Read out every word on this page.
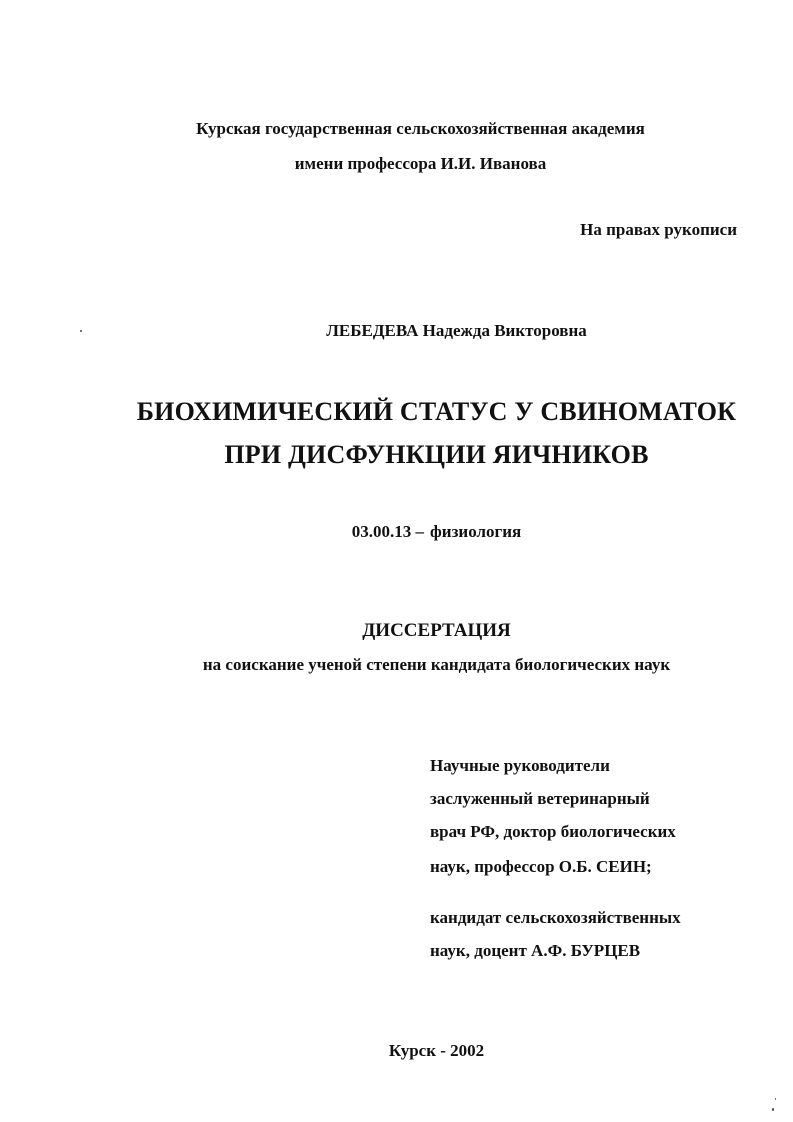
Курская государственная сельскохозяйственная академия
имени профессора И.И. Иванова
На правах рукописи
ЛЕБЕДЕВА Надежда Викторовна
БИОХИМИЧЕСКИЙ СТАТУС У СВИНОМАТОК
ПРИ ДИСФУНКЦИИ ЯИЧНИКОВ
03.00.13 – физиология
ДИССЕРТАЦИЯ
на соискание ученой степени кандидата биологических наук
Научные руководители
заслуженный ветеринарный
врач РФ, доктор биологических
наук, профессор О.Б. СЕИН;
кандидат сельскохозяйственных
наук, доцент А.Ф. БУРЦЕВ
Курск - 2002
